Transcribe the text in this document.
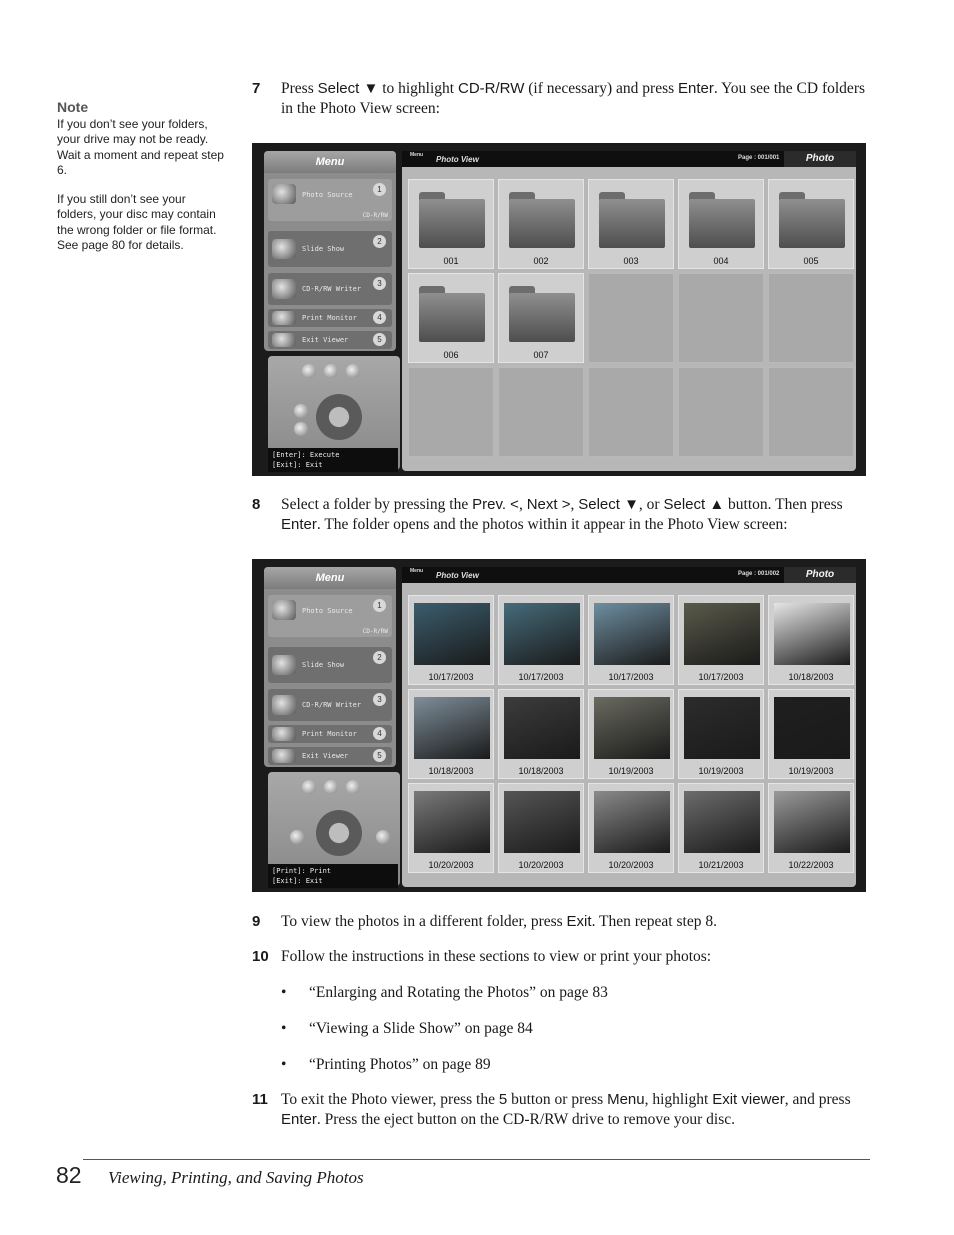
Note

If you don’t see your folders, your drive may not be ready. Wait a moment and repeat step 6.

If you still don’t see your folders, your disc may contain the wrong folder or file format. See page 80 for details.

7 Press Select ▼ to highlight CD-R/RW (if necessary) and press Enter. You see the CD folders in the Photo View screen:
Menu
Photo Source
1
CD-R/RW
Slide Show
2
CD-R/RW Writer
3
Print Monitor	4
Exit Viewer	5
[Enter]: Execute
[Exit]: Exit
Menu Photo View	Page : 001/001	Photo
001	002	003	004	005
006	007
8 Select a folder by pressing the Prev. <, Next >, Select ▼, or Select ▲ button. Then press Enter. The folder opens and the photos within it appear in the Photo View screen:
Menu
Photo Source
1
CD-R/RW
Slide Show
2
CD-R/RW Writer
3
Print Monitor	4
Exit Viewer	5
[Print]: Print
[Exit]: Exit
Menu Photo View	Page : 001/002	Photo
10/17/2003	10/17/2003	10/17/2003	10/17/2003	10/18/2003
10/18/2003	10/18/2003	10/19/2003	10/19/2003	10/19/2003
10/20/2003	10/20/2003	10/20/2003	10/21/2003	10/22/2003
9 To view the photos in a different folder, press Exit. Then repeat step 8.
10 Follow the instructions in these sections to view or print your photos:
• “Enlarging and Rotating the Photos” on page 83
• “Viewing a Slide Show” on page 84
• “Printing Photos” on page 89
11 To exit the Photo viewer, press the 5 button or press Menu, highlight Exit viewer, and press Enter. Press the eject button on the CD-R/RW drive to remove your disc.
82 Viewing, Printing, and Saving Photos
